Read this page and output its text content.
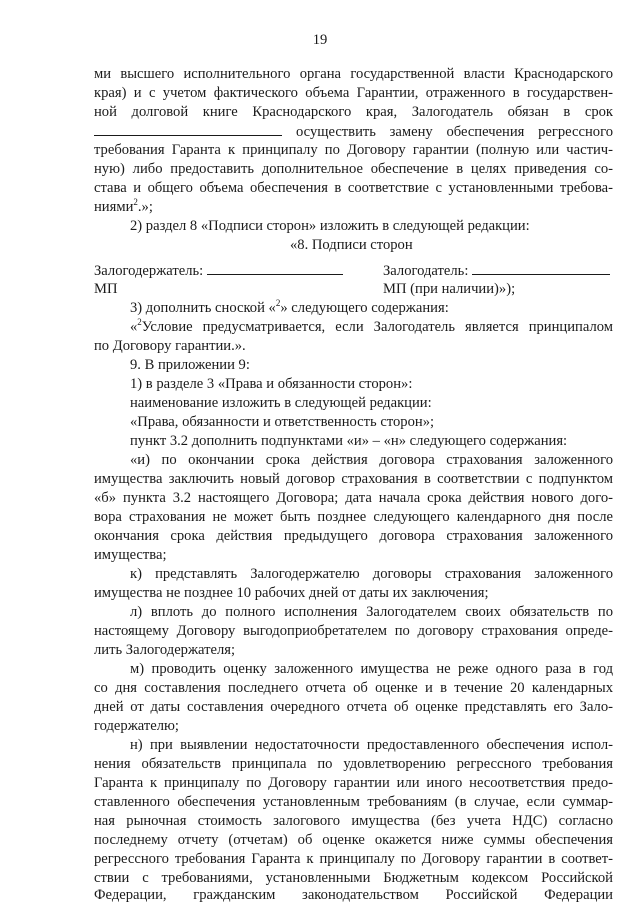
19
ми высшего исполнительного органа государственной власти Краснодарского
края) и с учетом фактического объема Гарантии, отраженного в государствен-
ной долговой книге Краснодарского края, Залогодатель обязан в срок
осуществить замену обеспечения регрессного
требования Гаранта к принципалу по Договору гарантии (полную или частич-
ную) либо предоставить дополнительное обеспечение в целях приведения со-
става и общего объема обеспечения в соответствие с установленными требова-
ниями$^2$.»;
2) раздел 8 «Подписи сторон» изложить в следующей редакции:
«8. Подписи сторон
Залогодержатель:	Залогодатель:
МП	МП (при наличии)»);
3) дополнить сноской «$^2$» следующего содержания:
«$^2$Условие предусматривается, если Залогодатель является принципалом
по Договору гарантии.».
9. В приложении 9:
1) в разделе 3 «Права и обязанности сторон»:
наименование изложить в следующей редакции:
«Права, обязанности и ответственность сторон»;
пункт 3.2 дополнить подпунктами «и» – «н» следующего содержания:
«и) по окончании срока действия договора страхования заложенного
имущества заключить новый договор страхования в соответствии с подпунктом
«б» пункта 3.2 настоящего Договора; дата начала срока действия нового дого-
вора страхования не может быть позднее следующего календарного дня после
окончания срока действия предыдущего договора страхования заложенного
имущества;
к) представлять Залогодержателю договоры страхования заложенного
имущества не позднее 10 рабочих дней от даты их заключения;
л) вплоть до полного исполнения Залогодателем своих обязательств по
настоящему Договору выгодоприобретателем по договору страхования опреде-
лить Залогодержателя;
м) проводить оценку заложенного имущества не реже одного раза в год
со дня составления последнего отчета об оценке и в течение 20 календарных
дней от даты составления очередного отчета об оценке представлять его Зало-
годержателю;
н) при выявлении недостаточности предоставленного обеспечения испол-
нения обязательств принципала по удовлетворению регрессного требования
Гаранта к принципалу по Договору гарантии или иного несоответствия предо-
ставленного обеспечения установленным требованиям (в случае, если суммар-
ная рыночная стоимость залогового имущества (без учета НДС) согласно
последнему отчету (отчетам) об оценке окажется ниже суммы обеспечения
регрессного требования Гаранта к принципалу по Договору гарантии в соответ-
ствии с требованиями, установленными Бюджетным кодексом Российской
Федерации, гражданским законодательством Российской Федерации
